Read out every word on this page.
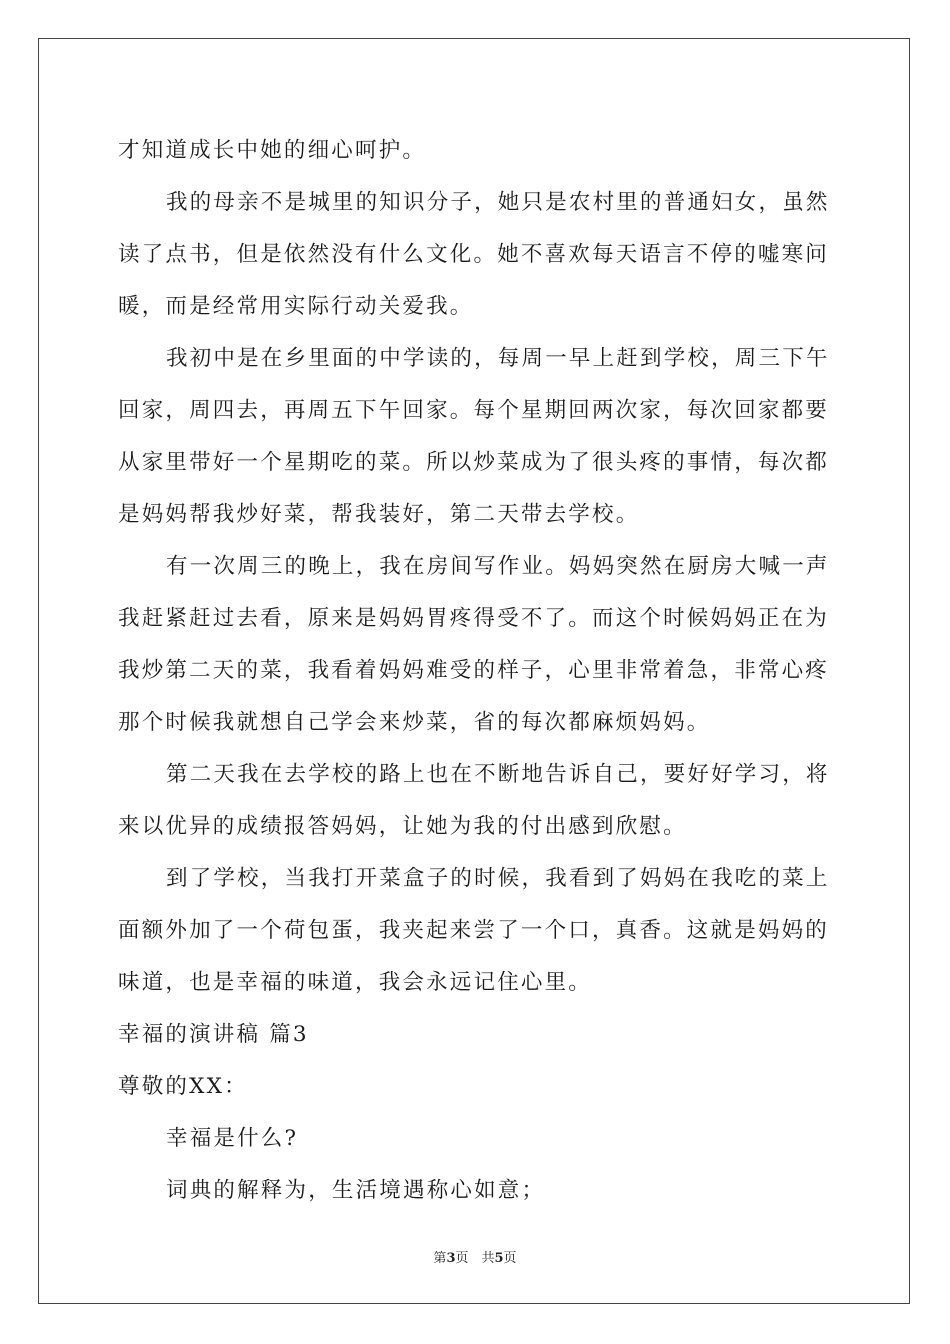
才知道成长中她的细心呵护。
我的母亲不是城里的知识分子，她只是农村里的普通妇女，虽然
读了点书，但是依然没有什么文化。她不喜欢每天语言不停的嘘寒问
暖，而是经常用实际行动关爱我。
我初中是在乡里面的中学读的，每周一早上赶到学校，周三下午
回家，周四去，再周五下午回家。每个星期回两次家，每次回家都要
从家里带好一个星期吃的菜。所以炒菜成为了很头疼的事情，每次都
是妈妈帮我炒好菜，帮我装好，第二天带去学校。
有一次周三的晚上，我在房间写作业。妈妈突然在厨房大喊一声
我赶紧赶过去看，原来是妈妈胃疼得受不了。而这个时候妈妈正在为
我炒第二天的菜，我看着妈妈难受的样子，心里非常着急，非常心疼
那个时候我就想自己学会来炒菜，省的每次都麻烦妈妈。
第二天我在去学校的路上也在不断地告诉自己，要好好学习，将
来以优异的成绩报答妈妈，让她为我的付出感到欣慰。
到了学校，当我打开菜盒子的时候，我看到了妈妈在我吃的菜上
面额外加了一个荷包蛋，我夹起来尝了一个口，真香。这就是妈妈的
味道，也是幸福的味道，我会永远记住心里。
幸福的演讲稿 篇3
尊敬的XX：
幸福是什么?
词典的解释为，生活境遇称心如意；
第3页　共5页
